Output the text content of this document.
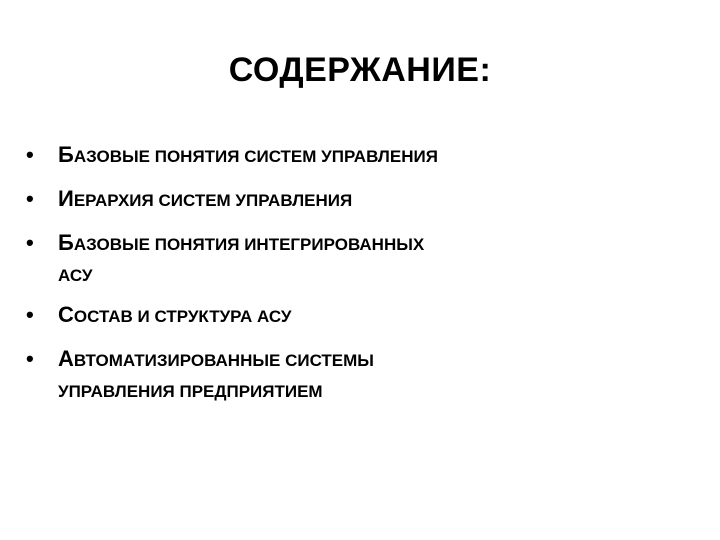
СОДЕРЖАНИЕ:
• БАЗОВЫЕ ПОНЯТИЯ СИСТЕМ УПРАВЛЕНИЯ
• ИЕРАРХИЯ СИСТЕМ УПРАВЛЕНИЯ
• БАЗОВЫЕ ПОНЯТИЯ ИНТЕГРИРОВАННЫХ
АСУ
• СОСТАВ И СТРУКТУРА АСУ
• АВТОМАТИЗИРОВАННЫЕ СИСТЕМЫ
УПРАВЛЕНИЯ ПРЕДПРИЯТИЕМ
